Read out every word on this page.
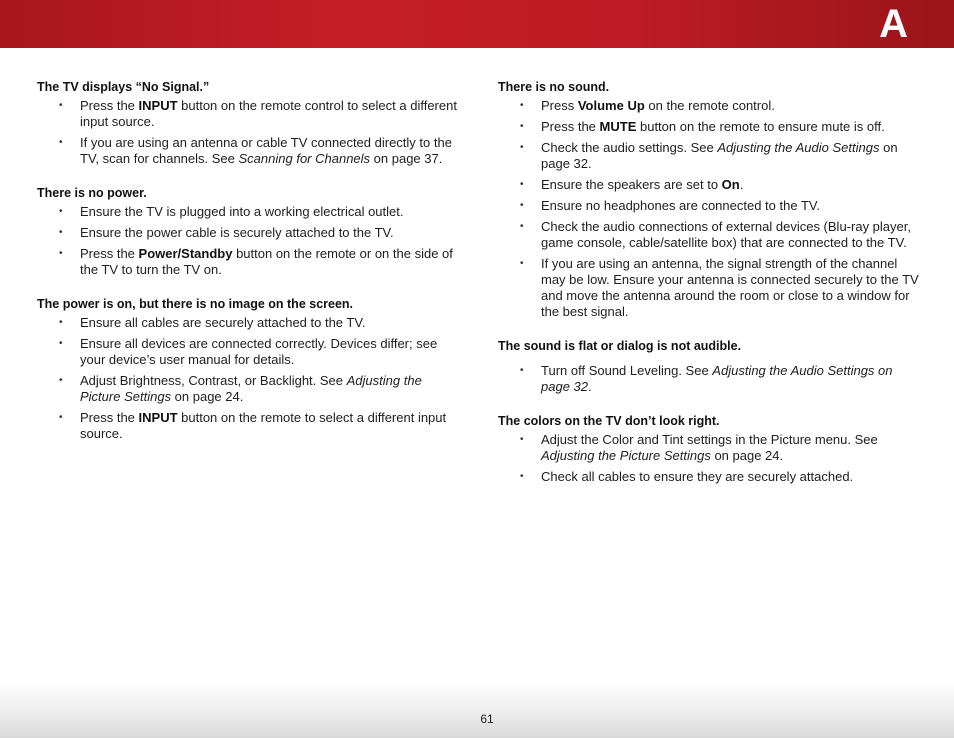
A
The TV displays “No Signal.”
• Press the INPUT button on the remote control to select a different input source.
• If you are using an antenna or cable TV connected directly to the TV, scan for channels. See Scanning for Channels on page 37.
There is no power.
• Ensure the TV is plugged into a working electrical outlet.
• Ensure the power cable is securely attached to the TV.
• Press the Power/Standby button on the remote or on the side of the TV to turn the TV on.
The power is on, but there is no image on the screen.
• Ensure all cables are securely attached to the TV.
• Ensure all devices are connected correctly. Devices differ; see your device’s user manual for details.
• Adjust Brightness, Contrast, or Backlight. See Adjusting the Picture Settings on page 24.
• Press the INPUT button on the remote to select a different input source.
There is no sound.
• Press Volume Up on the remote control.
• Press the MUTE button on the remote to ensure mute is off.
• Check the audio settings. See Adjusting the Audio Settings on page 32.
• Ensure the speakers are set to On.
• Ensure no headphones are connected to the TV.
• Check the audio connections of external devices (Blu-ray player, game console, cable/satellite box) that are connected to the TV.
• If you are using an antenna, the signal strength of the channel may be low. Ensure your antenna is connected securely to the TV and move the antenna around the room or close to a window for the best signal.
The sound is flat or dialog is not audible.
• Turn off Sound Leveling. See Adjusting the Audio Settings on page 32.
The colors on the TV don’t look right.
• Adjust the Color and Tint settings in the Picture menu. See Adjusting the Picture Settings on page 24.
• Check all cables to ensure they are securely attached.
61
